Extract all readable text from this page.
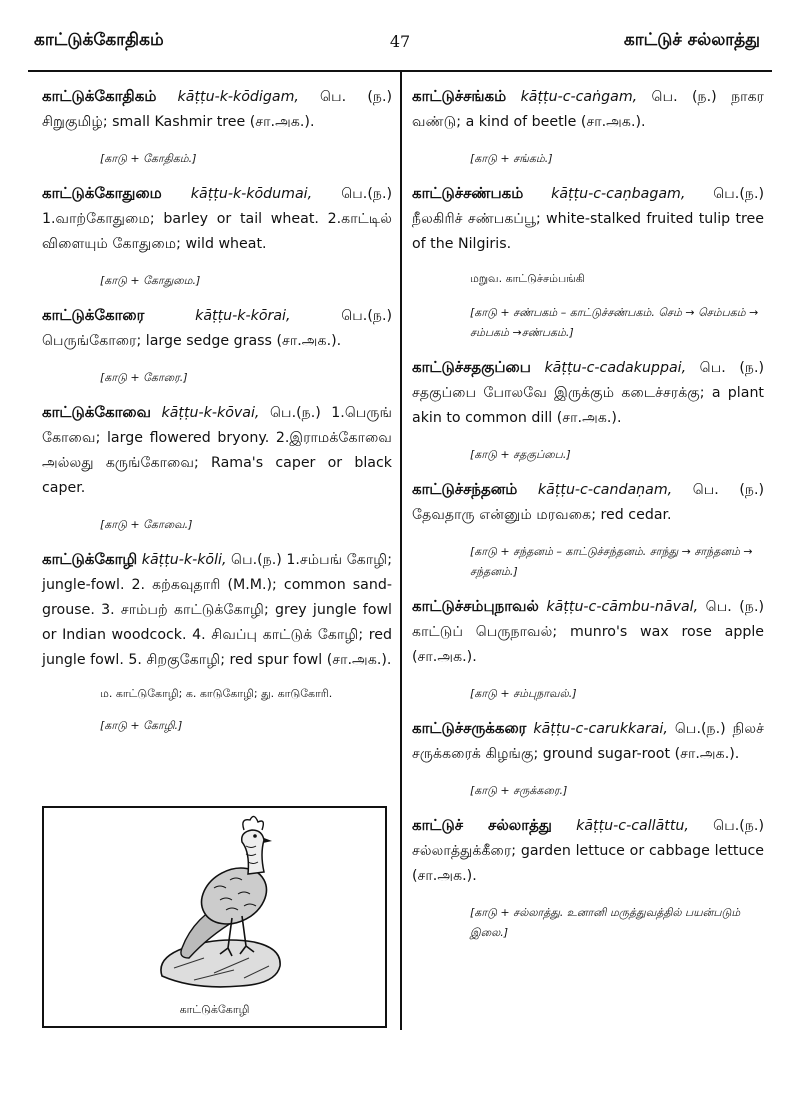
காட்டுக்கோதிகம்	47	காட்டுச் சல்லாத்து

காட்டுக்கோதிகம் kāṭṭu-k-kōdigam, பெ. (ந.) சிறுகுமிழ்; small Kashmir tree (சா.அக.).

[காடு + கோதிகம்.]

காட்டுக்கோதுமை kāṭṭu-k-kōdumai, பெ.(ந.) 1.வாற்கோதுமை; barley or tail wheat. 2.காட்டில் விளையும் கோதுமை; wild wheat.

[காடு + கோதுமை.]

காட்டுக்கோரை	kāṭṭu-k-kōrai, பெ.(ந.) பெருங்கோரை; large sedge grass (சா.அக.).

[காடு + கோரை.]

காட்டுக்கோவை kāṭṭu-k-kōvai, பெ.(ந.) 1.பெருங் கோவை; large flowered bryony. 2.இராமக்கோவை அல்லது கருங்கோவை; Rama's caper or black caper.

[காடு + கோவை.]

காட்டுக்கோழி kāṭṭu-k-kōli, பெ.(ந.) 1.சம்பங் கோழி; jungle-fowl. 2. கற்கவுதாரி (M.M.); common sand-grouse. 3. சாம்பற் காட்டுக்கோழி; grey jungle fowl or Indian woodcock. 4. சிவப்பு காட்டுக் கோழி; red jungle fowl. 5. சிறகுகோழி; red spur fowl (சா.அக.).

ம. காட்டுகோழி; க. காடுகோழி; து. காடுகோரி.
[காடு + கோழி.]
காட்டுக்கோழி

காட்டுச்சங்கம் kāṭṭu-c-caṅgam, பெ. (ந.) நாகர வண்டு; a kind of beetle (சா.அக.).

[காடு + சங்கம்.]

காட்டுச்சண்பகம் kāṭṭu-c-caṇbagam, பெ.(ந.) நீலகிரிச் சண்பகப்பூ; white-stalked fruited tulip tree of the Nilgiris.

மறுவ. காட்டுச்சம்பங்கி
[காடு + சண்பகம் – காட்டுச்சண்பகம். செம் → செம்பகம் → சம்பகம் →சண்பகம்.]

காட்டுச்சதகுப்பை kāṭṭu-c-cadakuppai, பெ. (ந.) சதகுப்பை போலவே இருக்கும் கடைச்சரக்கு; a plant akin to common dill (சா.அக.).

[காடு + சதகுப்பை.]

காட்டுச்சந்தனம் kāṭṭu-c-candaṇam, பெ. (ந.) தேவதாரு என்னும் மரவகை; red cedar.

[காடு + சந்தனம் – காட்டுச்சந்தனம். சாந்து → சாந்தனம் → சந்தனம்.]

காட்டுச்சம்புநாவல் kāṭṭu-c-cāmbu-nāval, பெ. (ந.) காட்டுப் பெருநாவல்; munro's wax rose apple (சா.அக.).

[காடு + சம்புநாவல்.]

காட்டுச்சருக்கரை kāṭṭu-c-carukkarai, பெ.(ந.) நிலச் சருக்கரைக் கிழங்கு; ground sugar-root (சா.அக.).

[காடு + சருக்கரை.]

காட்டுச் சல்லாத்து kāṭṭu-c-callāttu, பெ.(ந.) சல்லாத்துக்கீரை; garden lettuce or cabbage lettuce (சா.அக.).

[காடு + சல்லாத்து. உனானி மருத்துவத்தில் பயன்படும் இலை.]
